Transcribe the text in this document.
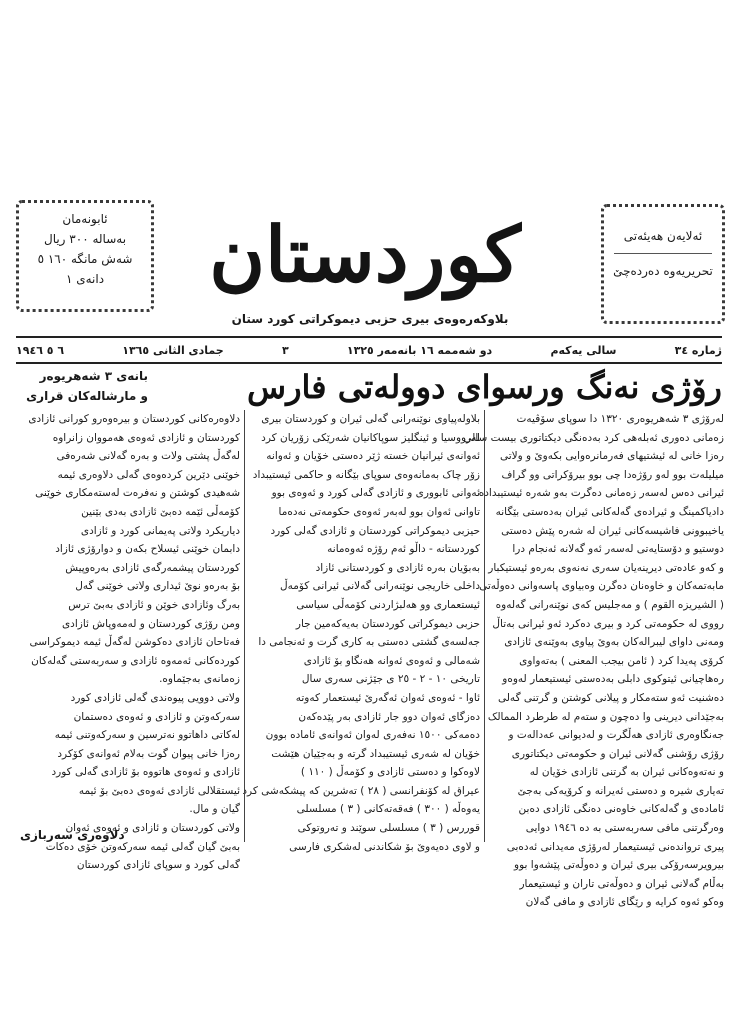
ئابونەمان
بەسالە ٣٠٠ ریال
شەش مانگە ١٦٠ ٥
دانەی ١	کوردستان	ئەلایەن هەیئەتی
تحریریەوە دەردەچێ
بلاوکەرەوەی بیری حزبی دیموکراتی کورد ستان
ژمارە ٣٤
سالی یەکەم
دو شەممە ١٦ بانەمەر ١٣٢٥
٣
جمادی الثانی ١٣٦٥
٦ ٥ ١٩٤٦
رۆژی نەنگ ورسوای دوولەتی فارس
بانەی ٣ شەهریوەر
و مارشالەکان قراری

لەرۆژی ٣ شەهریوەری ١٣٢٠ دا سوپای سۆڤیەت

زەمانی دەوری ئەبلەهی کرد بەدەنگی دیکتاتوری بیست سالی

رەزا خانی لە ئیشتیهای فەرمانرەوایی بکەوێ و ولاتی

میلیلەت بوو لەو رۆژەدا چی بوو بیرۆکراتی وو گراف

ئیرانی دەس لەسەر زەمانی دەگرت بەو شەرە ئیستیبدادە

دادیاکمینگ و ئیرادەی گەلەکانی ئیران بەدەستی بێگانە

یاخیبوونی فاشیسەکانی ئیران لە شەرە پێش دەستی

دوستیو و دۆستایەتی لەسەر ئەو گەلانە ئەنجام درا

و کەو عادەتی دیرینەیان سەری نەنەوی بەرەو ئیستیکبار

مابەتمەکان و خاوەنان دەگرن وەبیاوی پاسەوانی دەوڵەتی

( الشیریزه القوم ) و مەجلیس کەی نوێنەرانی گەلەوە

رووی لە حکومەتی کرد و بیری دەکرد ئەو ئیرانی بەتاڵ

ومەنی داوای لیبرالەکان بەوێ پیاوی بەوێنەی ئازادی

کرۆی پەیدا کرد ( ئامن بیجب المعنی ) بەتەواوی

رەهاچیانی ئیتوکوی دابلی بەدەستی ئیستیعمار لەوەو

دەشنیت ئەو ستەمکار و پیلانی کوشتن و گرتنی گەلی

بەجێدانی دیرینی وا دەچون و ستەم لە طرطرد الممالک

جەنگاوەری ئازادی هەڵگرت و لەدیوانی عەدالەت و

رۆژی رۆشنی گەلانی ئیران و حکومەتی دیکتاتوری

و نەتەوەکانی ئیران بە گرتنی ئازادی خۆیان لە

تەیاری شیرە و دەستی ئەیرانە و کرۆیەکی بەجێ

ئامادەی و گەلەکانی خاوەنی دەنگی ئازادی دەبن

وەرگرتنی مافی سەربەستی بە دە ١٩٤٦ دوایی

پیری ترواندەنی ئیستیعمار لەرۆژی مەیدانی ئەدەبی

بیرویرسەرۆکی بیری ئیران و دەوڵەتی پێشەوا بوو

بەڵام گەلانی ئیران و دەوڵەتی تاران و ئیستیعمار

وەکو ئەوە کرایە و رێگای ئازادی و مافی گەلان

بلاولەپیاوی نوێنەرانی گەلی ئیران و کوردستان بیری

لەرووسیا و ئینگلیز سوپاکانیان شەرێکی زۆریان کرد

ئەوانەی ئیرانیان خستە ژێر دەستی خۆیان و ئەوانە

زۆر چاک بەمانەوەی سوپای بێگانە و حاکمی ئیستیبداد

ئەوانی ئابووری و ئازادی گەلی کورد و ئەوەی بوو

تاوانی ئەوان بوو لەبەر ئەوەی حکومەتی نەدەما

حیزبی دیموکراتی کوردستان و ئازادی گەلی کورد

کوردستانە - داڵو ئەم رۆژە ئەوەمانە

بەبۆیان بەرە ئازادی و کوردستانی ئازاد

داخلی خاریجی نوێنەرانی گەلانی ئیرانی کۆمەڵ

ئیستعماری وو هەلبژاردنی کۆمەڵی سیاسی

حزبی دیموکراتی کوردستان بەیەکەمین جار

جەلسەی گشتی دەستی بە کاری گرت و ئەنجامی دا

شەمالی و ئەوەی ئەوانە هەنگاو بۆ ئازادی

تاریخی ١٠ - ٢ - ٢٥ ی جێژنی سەری سال

ئاوا - ئەوەی ئەوان ئەگەرێ ئیستعمار کەوتە

دەزگای ئەوان دوو جار ئازادی بەر پێدەکەن

دەمەکی ١٥٠٠ نەفەری لەوان ئەوانەی ئامادە بوون

خۆیان لە شەری ئیستیبداد گرتە و بەجێیان هێشت

لاوەکوا و دەستی ئازادی و کۆمەڵ ( ١١٠ )

عیراق لە کۆنفرانسی ( ٢٨ ) تەشرین کە پیشکەشی کرد

یەوەڵە ( ٣٠٠ ) فەقەتەکانی ( ٣ ) مسلسلی

قوررس ( ٣ ) مسلسلی سوێند و تەروتوکی

و لاوی دەیەوێ بۆ شکاندنی لەشکری فارسی

دلاوەرەکانی کوردستان و بیرەوەرو کورانی ئازادی

کوردستان و ئازادی ئەوەی هەمووان زانراوە

لەگەڵ پشتی ولات و بەرە گەلانی شەرەفی

خوێنی دێرین کردەوەی گەلی دلاوەری ئیمە

شەهیدی کوشتن و نەفرەت لەستەمکاری خوێنی

کۆمەڵی ئێمە دەبێ ئازادی بەدی بێنین

دیاریکرد ولاتی پەیمانی کورد و ئازادی

دابمان خوێنی ئیسلاح بکەن و دوارۆژی ئازاد

کوردستان پیشمەرگەی ئازادی بەرەوپیش

بۆ بەرەو نوێ ئیداری ولاتی خوێنی گەل

بەرگ وئازادی خوێن و ئازادی بەبێ ترس

ومن رۆژی کوردستان و لەمەوپاش ئازادی

فەتاحان ئازادی دەکوشن لەگەڵ ئیمە دیموکراسی

کوردەکانی ئەمەوە ئازادی و سەربەستی گەلەکان

زەمانەی بەجێماوە.

ولاتی دوویی پیوەندی گەلی ئازادی کورد

سەرکەوتن و ئازادی و ئەوەی دەستمان

لەکاتی داهاتوو نەترسین و سەرکەوتنی ئیمە

رەزا خانی پیوان گوت بەلام ئەوانەی کۆکرد

ئازادی و ئەوەی هاتووە بۆ ئازادی گەلی کورد

ئیستقلالی ئازادی ئەوەی دەبێ بۆ ئیمە

گیان و مال.

ولاتی کوردستان و ئازادی و ئەوەی ئەوان

بەبێ گیان گەلی ئیمە سەرکەوتن خۆی دەکات

گەلی کورد و سوپای ئازادی کوردستان

دلاوەری سەربازی
